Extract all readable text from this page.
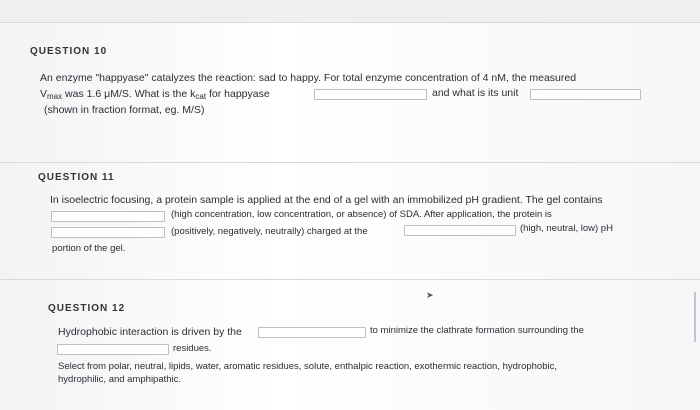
QUESTION 10
An enzyme "happyase" catalyzes the reaction: sad to happy. For total enzyme concentration of 4 nM, the measured
$V_{max}$ was 1.6 μM/S. What is the $k_{cat}$ for happyase	and what is its unit
(shown in fraction format, eg. M/S)
QUESTION 11
In isoelectric focusing, a protein sample is applied at the end of a gel with an immobilized pH gradient. The gel contains
(high concentration, low concentration, or absence) of SDA. After application, the protein is
(positively, negatively, neutrally) charged at the	(high, neutral, low) pH
portion of the gel.
QUESTION 12
➤
Hydrophobic interaction is driven by the	to minimize the clathrate formation surrounding the
residues.
Select from polar, neutral, lipids, water, aromatic residues, solute, enthalpic reaction, exothermic reaction, hydrophobic,
hydrophilic, and amphipathic.
